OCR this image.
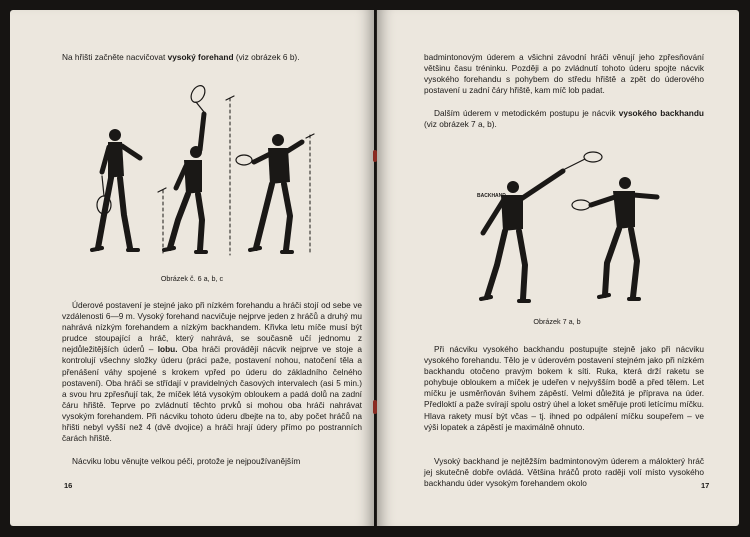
Na hřišti začněte nacvičovat vysoký forehand (viz obrázek 6 b).

Obrázek č. 6 a, b, c

Úderové postavení je stejné jako při nízkém forehandu a hráči stojí od sebe ve vzdálenosti 6—9 m. Vysoký forehand nacvičuje nejprve jeden z hráčů a druhý mu nahrává nízkým forehandem a nízkým backhandem. Křivka letu míče musí být prudce stoupající a hráč, který nahrává, se současně učí jednomu z nejdůležitějších úderů – lobu. Oba hráči provádějí nácvik nejprve ve stoje a kontrolují všechny složky úderu (práci paže, postavení nohou, natočení těla a přenášení váhy spojené s krokem vpřed po úderu do základního čelného postavení). Oba hráči se střídají v pravidelných časových intervalech (asi 5 min.) a svou hru zpřesňují tak, že míček létá vysokým obloukem a padá dolů na zadní čáru hřiště. Teprve po zvládnutí těchto prvků si mohou oba hráči nahrávat vysokým forehandem. Při nácviku tohoto úderu dbejte na to, aby počet hráčů na hřišti nebyl vyšší než 4 (dvě dvojice) a hráči hrají údery přímo po postranních čarách hřiště.

Nácviku lobu věnujte velkou péči, protože je nejpoužívanějším

16

badmintonovým úderem a všichni závodní hráči věnují jeho zpřesňování většinu času tréninku. Později a po zvládnutí tohoto úderu spojte nácvik vysokého forehandu s pohybem do středu hřiště a zpět do úderového postavení u zadní čáry hřiště, kam míč lob padat.

Dalším úderem v metodickém postupu je nácvik vysokého backhandu (viz obrázek 7 a, b).

BACKHAND

Obrázek 7 a, b

Při nácviku vysokého backhandu postupujte stejně jako při nácviku vysokého forehandu. Tělo je v úderovém postavení stejném jako při nízkém backhandu otočeno pravým bokem k síti. Ruka, která drží raketu se pohybuje obloukem a míček je udeřen v nejvyšším bodě a před tělem. Let míčku je usměrňován švihem zápěstí. Velmi důležitá je příprava na úder. Předloktí a paže svírají spolu ostrý úhel a loket směřuje proti letícímu míčku. Hlava rakety musí být včas – tj. ihned po odpálení míčku soupeřem – ve výši lopatek a zápěstí je maximálně ohnuto.

Vysoký backhand je nejtěžším badmintonovým úderem a málokterý hráč jej skutečně dobře ovládá. Většina hráčů proto raději volí místo vysokého backhandu úder vysokým forehandem okolo	17
